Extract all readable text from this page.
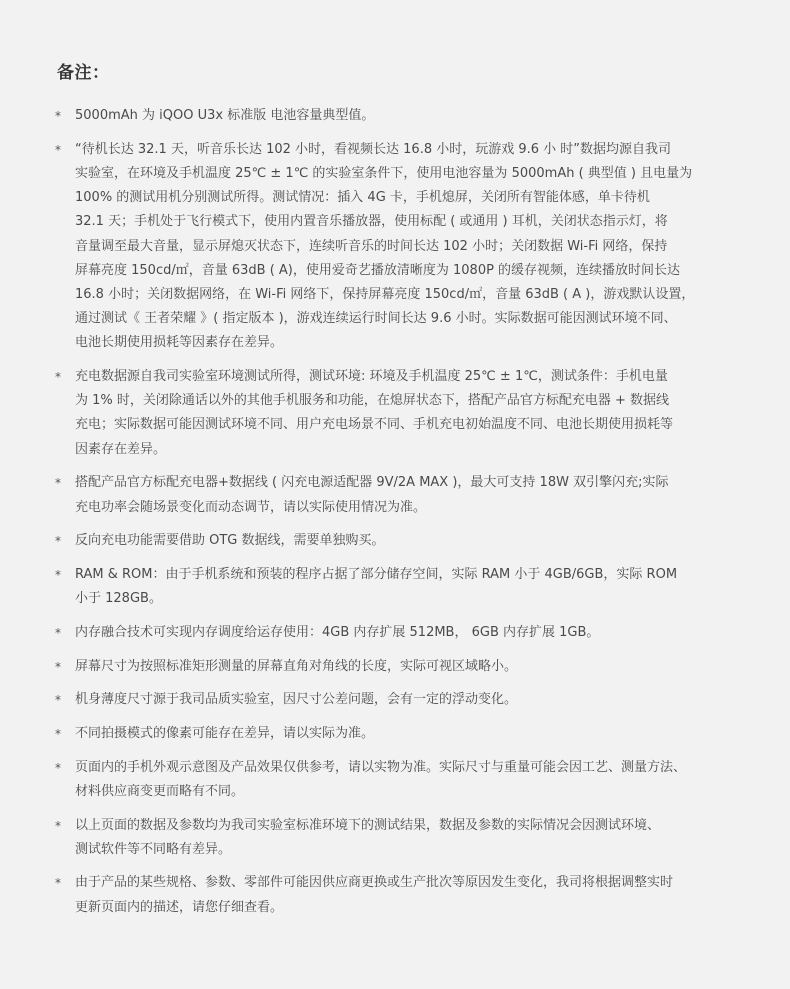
备注：
* 5000mAh 为 iQOO U3x 标准版 电池容量典型值。
* “待机长达 32.1 天，听音乐长达 102 小时，看视频长达 16.8 小时，玩游戏 9.6 小 时”数据均源自我司
实验室，在环境及手机温度 25℃ ± 1℃ 的实验室条件下，使用电池容量为 5000mAh ( 典型值 ) 且电量为
100% 的测试用机分别测试所得。测试情况：插入 4G 卡，手机熄屏，关闭所有智能体感，单卡待机
32.1 天；手机处于飞行模式下，使用内置音乐播放器，使用标配 ( 或通用 ) 耳机，关闭状态指示灯，将
音量调至最大音量，显示屏熄灭状态下，连续听音乐的时间长达 102 小时；关闭数据 Wi-Fi 网络，保持
屏幕亮度 150cd/㎡，音量 63dB ( A)，使用爱奇艺播放清晰度为 1080P 的缓存视频，连续播放时间长达
16.8 小时；关闭数据网络，在 Wi-Fi 网络下，保持屏幕亮度 150cd/㎡，音量 63dB ( A )，游戏默认设置，
通过测试《 王者荣耀 》( 指定版本 )，游戏连续运行时间长达 9.6 小时。实际数据可能因测试环境不同、
电池长期使用损耗等因素存在差异。
* 充电数据源自我司实验室环境测试所得，测试环境: 环境及手机温度 25℃ ± 1℃，测试条件：手机电量
为 1% 时，关闭除通话以外的其他手机服务和功能，在熄屏状态下，搭配产品官方标配充电器 + 数据线
充电；实际数据可能因测试环境不同、用户充电场景不同、手机充电初始温度不同、电池长期使用损耗等
因素存在差异。
* 搭配产品官方标配充电器+数据线 ( 闪充电源适配器 9V/2A MAX )，最大可支持 18W 双引擎闪充;实际
充电功率会随场景变化而动态调节，请以实际使用情况为准。
* 反向充电功能需要借助 OTG 数据线，需要单独购买。
* RAM & ROM：由于手机系统和预装的程序占据了部分储存空间，实际 RAM 小于 4GB/6GB，实际 ROM
小于 128GB。
* 内存融合技术可实现内存调度给运存使用：4GB 内存扩展 512MB， 6GB 内存扩展 1GB。
* 屏幕尺寸为按照标准矩形测量的屏幕直角对角线的长度，实际可视区域略小。
* 机身薄度尺寸源于我司品质实验室，因尺寸公差问题，会有一定的浮动变化。
* 不同拍摄模式的像素可能存在差异，请以实际为准。
* 页面内的手机外观示意图及产品效果仅供参考，请以实物为准。实际尺寸与重量可能会因工艺、测量方法、
材料供应商变更而略有不同。
* 以上页面的数据及参数均为我司实验室标准环境下的测试结果，数据及参数的实际情况会因测试环境、
测试软件等不同略有差异。
* 由于产品的某些规格、参数、零部件可能因供应商更换或生产批次等原因发生变化，我司将根据调整实时
更新页面内的描述，请您仔细查看。
